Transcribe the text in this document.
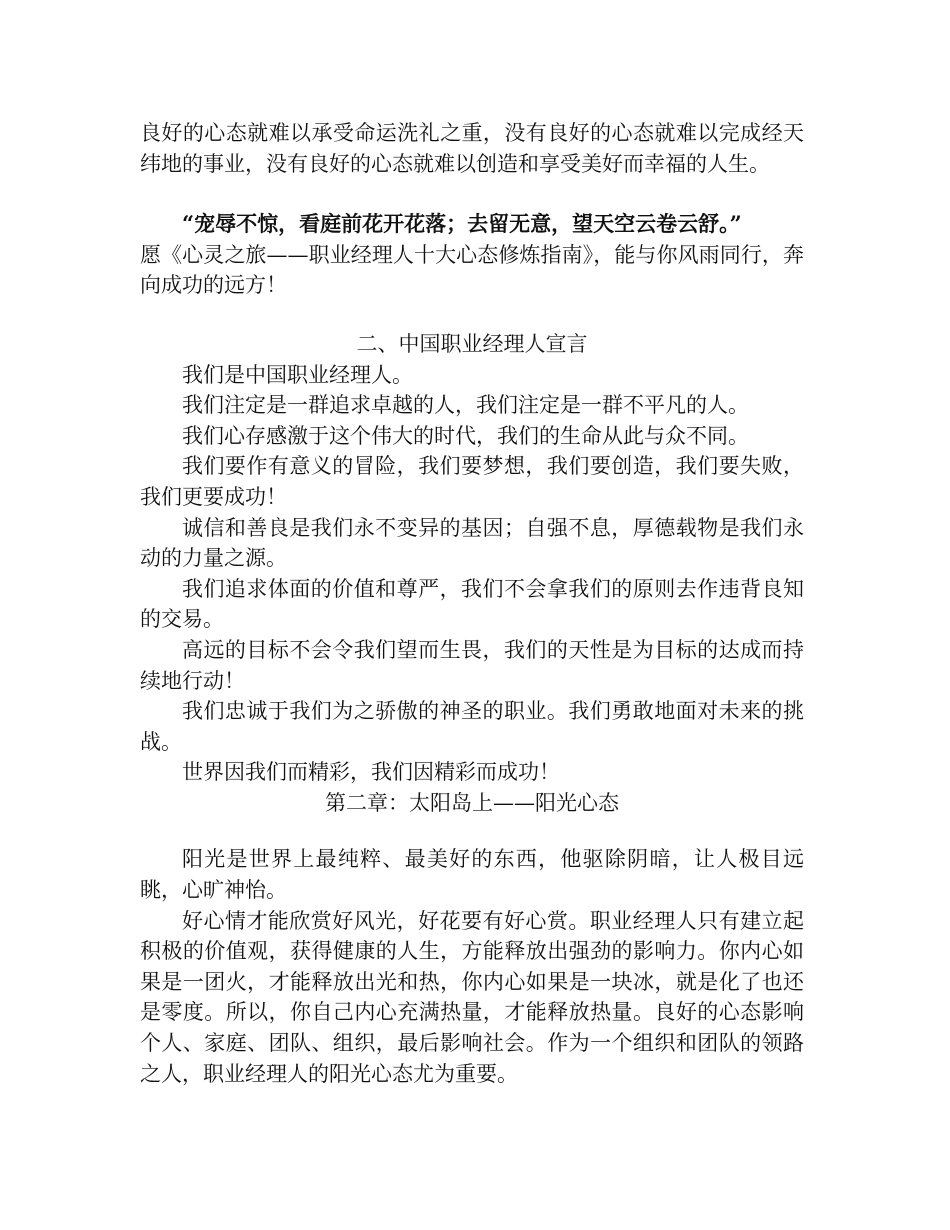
良好的心态就难以承受命运洗礼之重，没有良好的心态就难以完成经天纬地的事业，没有良好的心态就难以创造和享受美好而幸福的人生。

“宠辱不惊，看庭前花开花落；去留无意，望天空云卷云舒。”

愿《心灵之旅——职业经理人十大心态修炼指南》，能与你风雨同行，奔向成功的远方！

二、中国职业经理人宣言

我们是中国职业经理人。

我们注定是一群追求卓越的人，我们注定是一群不平凡的人。

我们心存感激于这个伟大的时代，我们的生命从此与众不同。

我们要作有意义的冒险，我们要梦想，我们要创造，我们要失败，我们更要成功！

诚信和善良是我们永不变异的基因；自强不息，厚德载物是我们永动的力量之源。

我们追求体面的价值和尊严，我们不会拿我们的原则去作违背良知的交易。

高远的目标不会令我们望而生畏，我们的天性是为目标的达成而持续地行动！

我们忠诚于我们为之骄傲的神圣的职业。我们勇敢地面对未来的挑战。

世界因我们而精彩，我们因精彩而成功！

第二章：太阳岛上——阳光心态

阳光是世界上最纯粹、最美好的东西，他驱除阴暗，让人极目远眺，心旷神怡。

好心情才能欣赏好风光，好花要有好心赏。职业经理人只有建立起积极的价值观，获得健康的人生，方能释放出强劲的影响力。你内心如果是一团火，才能释放出光和热，你内心如果是一块冰，就是化了也还是零度。所以，你自己内心充满热量，才能释放热量。良好的心态影响个人、家庭、团队、组织，最后影响社会。作为一个组织和团队的领路之人，职业经理人的阳光心态尤为重要。
